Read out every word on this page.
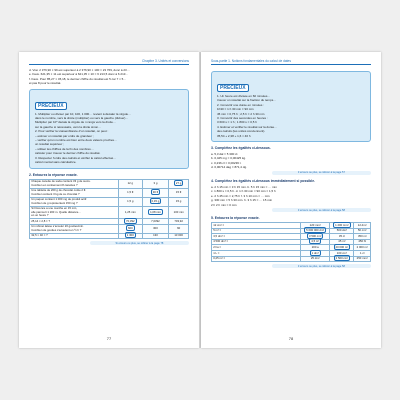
Chapitre 3. Unités et conversions
d. Vrai. 2 376,90 × 99 est supérieur à 2 376,90 × 100 = 23 769, donc à 23…
e. Faux. 621,35 × 11 est supérieur à 621,35 × 10 = 6 213,5 donc à 6 213…
f. Faux. Pour 85,27 × 45,18, le dernier chiffre du résultat est 5 car 7 × 5…
et pas 8 pour le résultat.
PRÉCIEUX
1. Multiplier ou diviser par 10, 100, 1 000… revient à décaler la virgule…
dans le nombre, vers la droite (multiplier) ou vers la gauche (diviser)…
Multiplier par 10ⁿ décale la virgule de n rangs vers la droite…
sur la gauche si nécessaire, vers la droite sinon…
2. Pour vérifier la vraisemblance d’un résultat, on peut :
– estimer un résultat par ordre de grandeur ;
– vérifier qu’un nombre est bien entre deux valeurs proches…
un résultat supérieur ;
– utiliser les chiffres de la fin des nombres…
calculer pour trouver le dernier chiffre du résultat.
3. Respecter l’ordre des calculs et vérifier le calcul effectué…
calcul mental sans calculatrice.
2. Entourez la réponse exacte.
Chaque canette de soda contient 33 g de sucre.
Combien en contiennent 8 canettes ?	12 g	3 g	27 g

Une tablette de 200 g de chocolat coûte 2 €.
Combien coûtent 3 kg de ce chocolat ?	1,5 €	30 €	15 €

Un paquet contient 1 000 mg de produit actif.
Combien de g représentent 150 mg ?	1,5 g	0,15 g	15 g

Si Florence a une marche en 15 min,
elle parcourt 1 200 m. Quelle distance…
en un heure ?	1,25 min	1,08 min	100 min

25,14 × 2,8 = ?	70,392	7,0392	703,92

Un robinet laisse s’écouler 20 gouttes/min.
Combien de gouttes s’écoulent en ½ h ?	600	300	60

32,5 × 40 = ?	1 300	130	13 000
Si erreurs ou plus, se référer à la page 78
77
Sous-partie 1. Notions fondamentales du calcul de dates
PRÉCIEUX
1. Un heure est divisée en 60 minutes…
trouver un résultat sur la fraction du temps…
2. Convertir une durée en minutes :
1h30 = 1 h 30 min = 90 min
45 min = 0,75 h ; 2,5 h = 2 h 30 min
3. Convertir des secondes en heures :
3 600 s = 1 h ; 1 800 s = 0,5 h
4. Estimer et vérifier le résultat sur la durée…
des calculs (les unités conviennent).
35,54 + 2,38 + 1,6 ≈ 40 h
3. Complétez les égalités ci-dessous.
a. 5,3 dal = 5 300 cl.
b. 0,425 mg = 0,00425 kg.
c. 0,236 cl = 0,00236 l.
d. 0,00714 dag = 871,4 dg.
3 erreurs ou plus, se référer à la page 57
4. Complétez les égalités ci-dessous immédiatement si possible.
a. 2 h 15 min = 3 h 15 min. b. 5 h 15 min = … min
c. 1 800 s = 0,5 h. d. 1 h 30 min = 90 min = 1,5 h
e. 2 h 45 min = 2,75 h f. 3 h 10 min = … min
g. 330 min = 5 h 30 min. h. 3 h 15 = … 15 min
2 h 2 h min = 0 min
3 erreurs ou plus, se référer à la page 58
5. Entourez la réponse exacte.
12 cm² =	120 mm²	1 200 mm²	12 dm²
5 m³ =	5 000 000 dm³	500 dm³	50 cm³
3,5 dm³ =	3 500 cm³	35 cl	350 ml
4 500 dm³ =	4,5 m³	45 m³	450 hl
2 ha =	200 a	20 000 m²	2 000 m²
1 L =	1 dm³	100 cm³	1 cl
0,25 m² =	25 dm²	2 500 cm²	250 mm²
3 erreurs ou plus, se référer à la page 58
78
